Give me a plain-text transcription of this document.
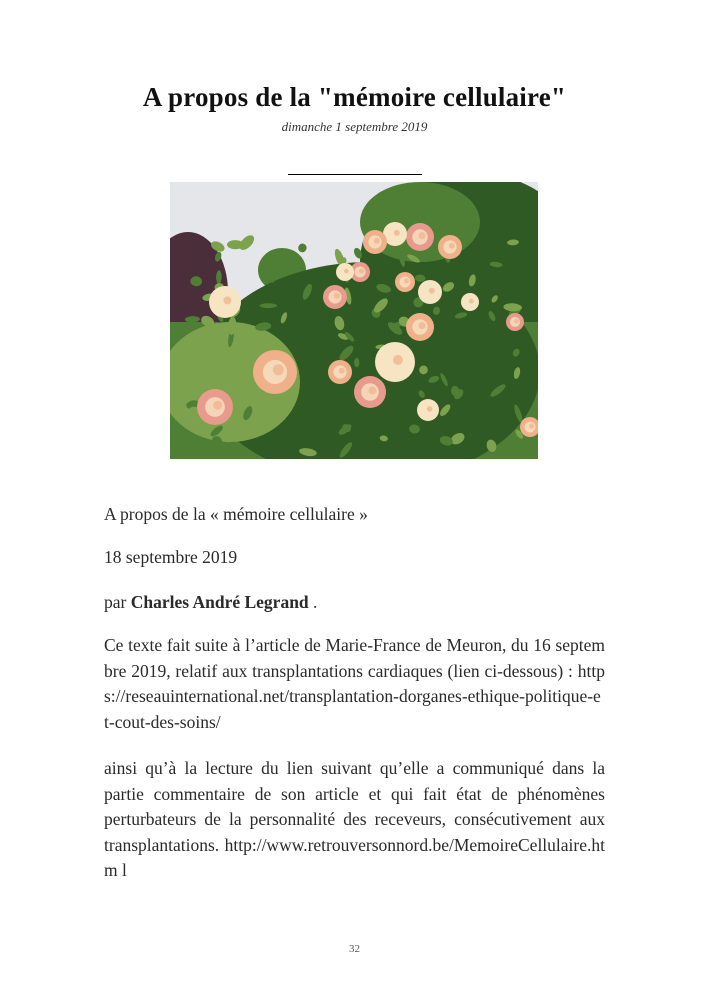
A propos de la "mémoire cellulaire"
dimanche 1 septembre 2019
A propos de la « mémoire cellulaire »
18 septembre 2019
par Charles André Legrand .
Ce texte fait suite à l’article de Marie-France de Meuron, du 16 septembre 2019, relatif aux transplantations cardiaques (lien ci-dessous) : https://reseauinternational.net/transplantation-dorganes-ethique-politique-et-cout-des-soins/
ainsi qu’à la lecture du lien suivant qu’elle a communiqué dans la partie commentaire de son article et qui fait état de phénomènes perturbateurs de la personnalité des receveurs, consécutivement aux transplantations. http://www.retrouversonnord.be/MemoireCellulaire.htm l
32
